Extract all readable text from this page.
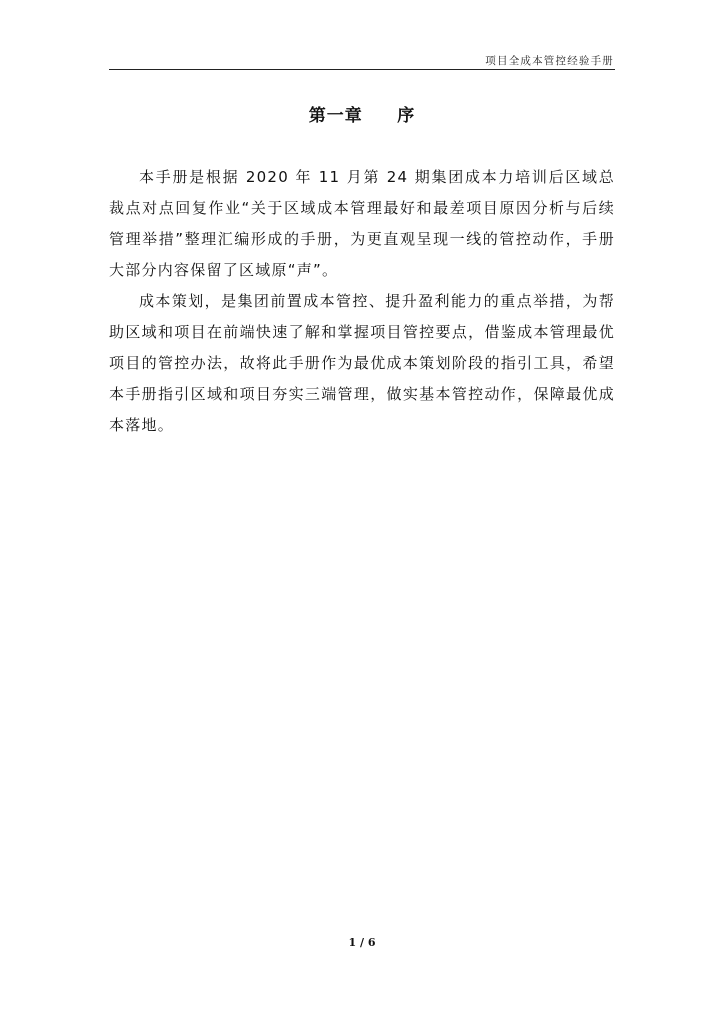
项目全成本管控经验手册
第一章     序

本手册是根据 2020 年 11 月第 24 期集团成本力培训后区域总裁点对点回复作业“关于区域成本管理最好和最差项目原因分析与后续管理举措”整理汇编形成的手册，为更直观呈现一线的管控动作，手册大部分内容保留了区域原“声”。

成本策划，是集团前置成本管控、提升盈利能力的重点举措，为帮助区域和项目在前端快速了解和掌握项目管控要点，借鉴成本管理最优项目的管控办法，故将此手册作为最优成本策划阶段的指引工具，希望本手册指引区域和项目夯实三端管理，做实基本管控动作，保障最优成本落地。

1 / 6
